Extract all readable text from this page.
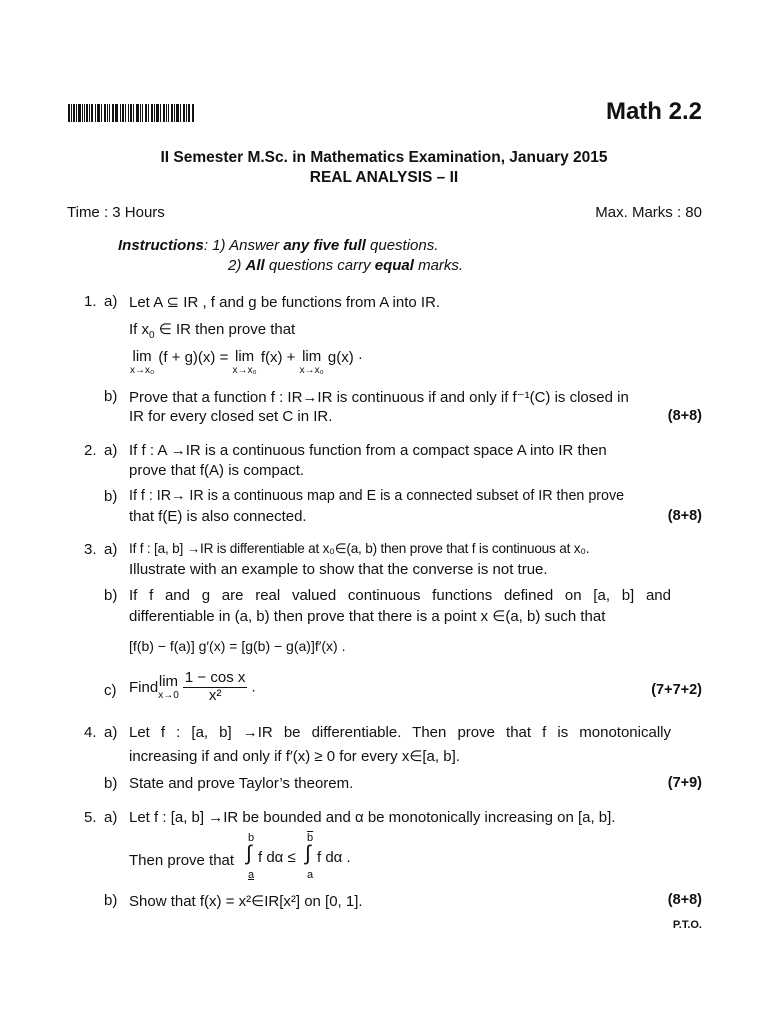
Math 2.2
II Semester M.Sc. in Mathematics Examination, January 2015
REAL ANALYSIS – II
Time : 3 Hours	Max. Marks : 80
Instructions: 1) Answer any five full questions.
2) All questions carry equal marks.
1. a) Let A ⊆ IR , f and g be functions from A into IR.
If $x_0$ ∈ IR then prove that
lim
x→x₀
(f + g)(x) = lim
x→x₀
f(x) + lim
x→x₀
g(x) ·
b) Prove that a function f : IR→IR is continuous if and only if f⁻¹(C) is closed in
IR for every closed set C in IR.	(8+8)
2. a) If f : A →IR is a continuous function from a compact space A into IR then
prove that f(A) is compact.
b) If f : IR→ IR is a continuous map and E is a connected subset of IR then prove
that f(E) is also connected.	(8+8)
3. a) If f : [a, b] →IR is differentiable at x₀∈(a, b) then prove that f is continuous at x₀.
Illustrate with an example to show that the converse is not true.
b) If f and g are real valued continuous functions defined on [a, b] and
differentiable in (a, b) then prove that there is a point x ∈(a, b) such that
[f(b) − f(a)] g′(x) = [g(b) − g(a)]f′(x) .
c) Findlim
x→0
$\frac{\text{1 − cos x}}{\text{x²}}$ .	(7+7+2)
4. a) Let f : [a, b] →IR be differentiable. Then prove that f is monotonically
increasing if and only if f′(x) ≥ 0 for every x∈[a, b].
b) State and prove Taylor’s theorem.	(7+9)
5. a) Let f : [a, b] →IR be bounded and α be monotonically increasing on [a, b].
Then prove that
b
∫
a
f dα ≤
$\overline{b}$
∫
a
f dα .
b) Show that f(x) = x²∈IR[x²] on [0, 1].	(8+8)
P.T.O.
